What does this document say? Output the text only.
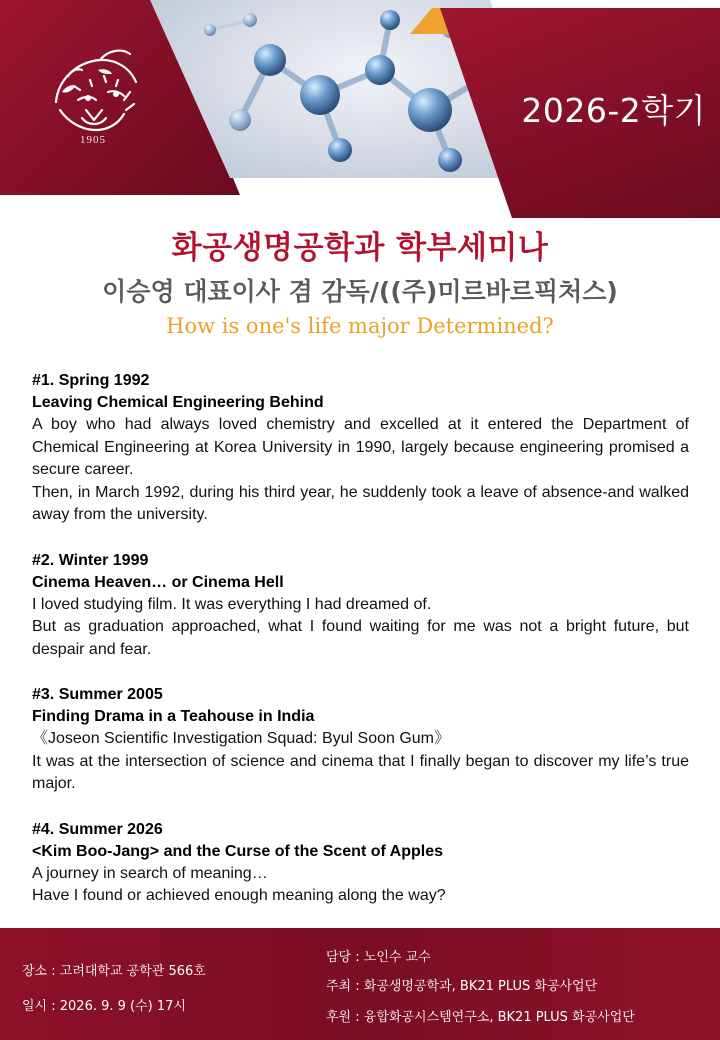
1905
2026-2학기
화공생명공학과 학부세미나
이승영 대표이사 겸 감독/((주)미르바르픽처스)
How is one's life major Determined?
#1. Spring 1992
Leaving Chemical Engineering Behind

A boy who had always loved chemistry and excelled at it entered the Department of Chemical Engineering at Korea University in 1990, largely because engineering promised a secure career.

Then, in March 1992, during his third year, he suddenly took a leave of absence-and walked away from the university.

#2. Winter 1999
Cinema Heaven… or Cinema Hell

I loved studying film. It was everything I had dreamed of.

But as graduation approached, what I found waiting for me was not a bright future, but despair and fear.

#3. Summer 2005
Finding Drama in a Teahouse in India

《Joseon Scientific Investigation Squad: Byul Soon Gum》

It was at the intersection of science and cinema that I finally began to discover my life’s true major.

#4. Summer 2026
<Kim Boo-Jang> and the Curse of the Scent of Apples

A journey in search of meaning…

Have I found or achieved enough meaning along the way?

장소 : 고려대학교 공학관 566호
일시 : 2026. 9. 9 (수) 17시
담당 : 노인수 교수
주최 : 화공생명공학과, BK21 PLUS 화공사업단
후원 : 융합화공시스템연구소, BK21 PLUS 화공사업단
